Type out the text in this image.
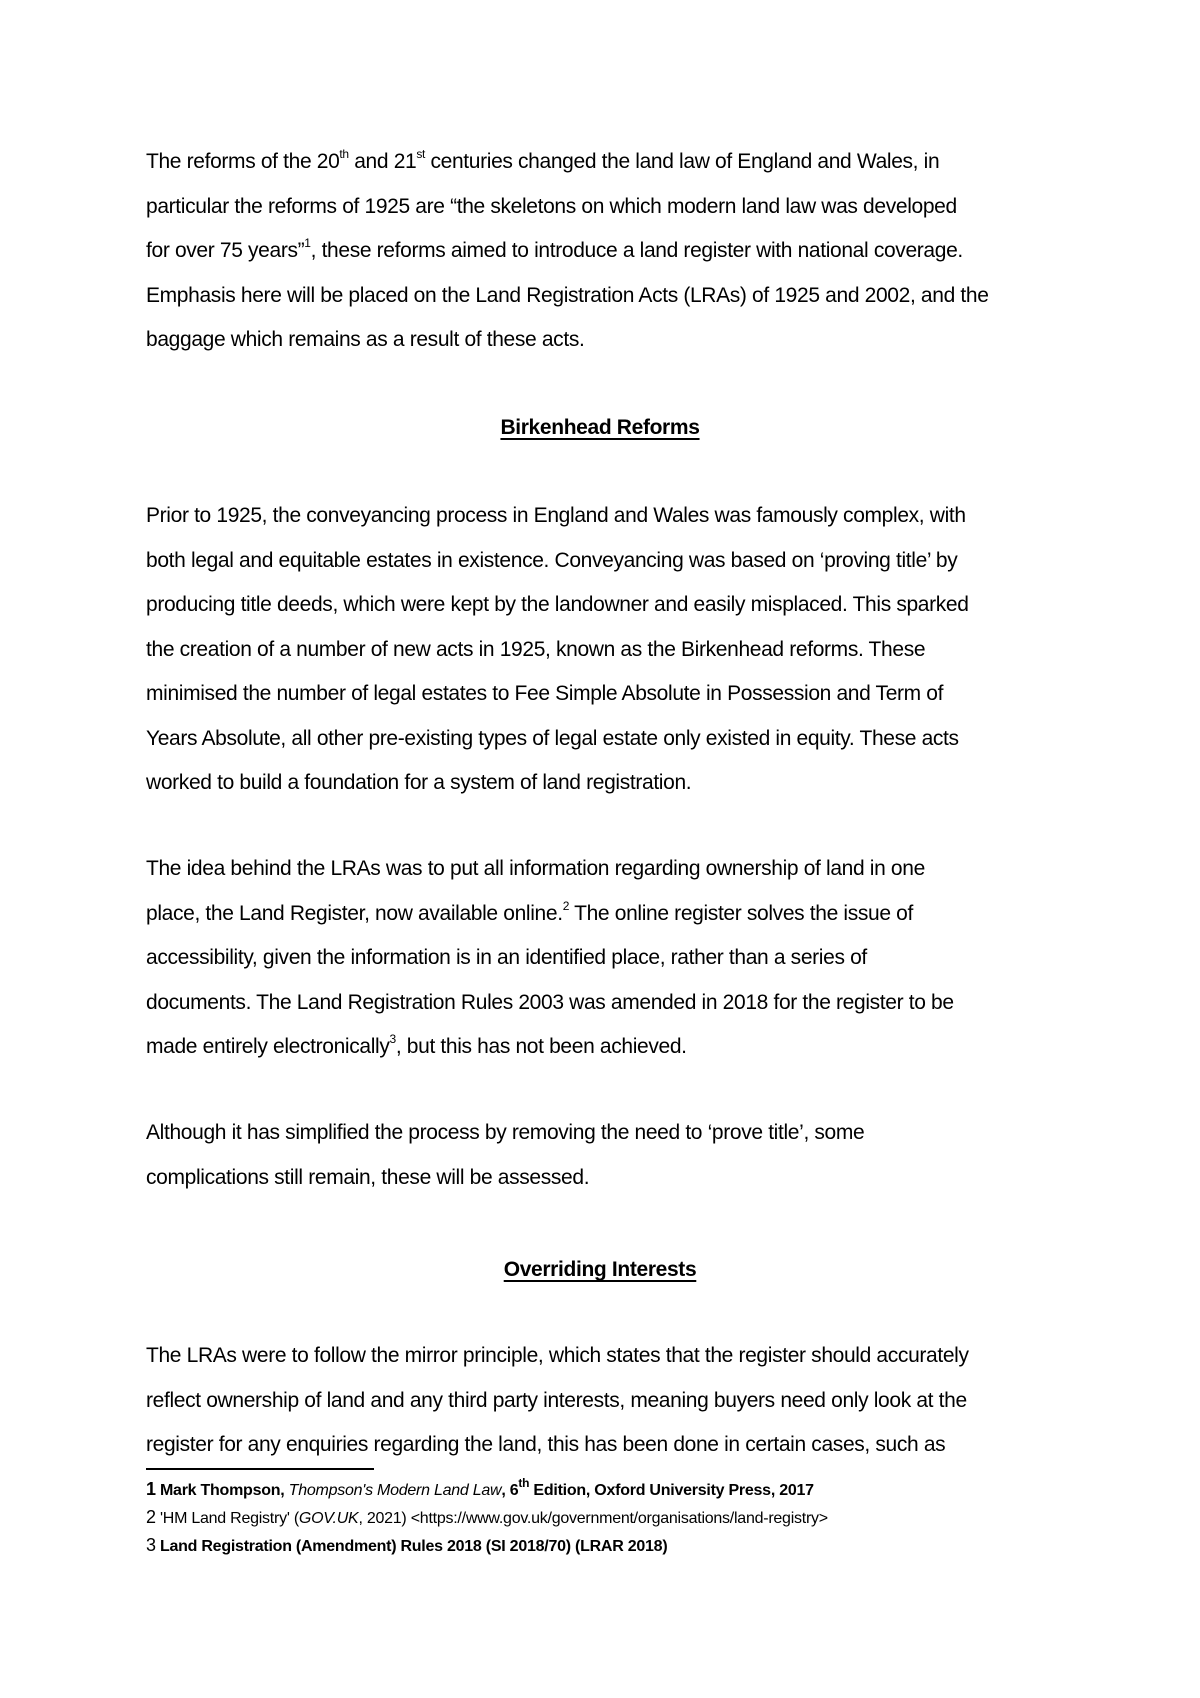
The reforms of the 20th and 21st centuries changed the land law of England and Wales, in
particular the reforms of 1925 are “the skeletons on which modern land law was developed
for over 75 years”$^1$, these reforms aimed to introduce a land register with national coverage.
Emphasis here will be placed on the Land Registration Acts (LRAs) of 1925 and 2002, and the
baggage which remains as a result of these acts.

Birkenhead Reforms

Prior to 1925, the conveyancing process in England and Wales was famously complex, with
both legal and equitable estates in existence. Conveyancing was based on ‘proving title’ by
producing title deeds, which were kept by the landowner and easily misplaced. This sparked
the creation of a number of new acts in 1925, known as the Birkenhead reforms. These
minimised the number of legal estates to Fee Simple Absolute in Possession and Term of
Years Absolute, all other pre-existing types of legal estate only existed in equity. These acts
worked to build a foundation for a system of land registration.

The idea behind the LRAs was to put all information regarding ownership of land in one
place, the Land Register, now available online.$^2$ The online register solves the issue of
accessibility, given the information is in an identified place, rather than a series of
documents. The Land Registration Rules 2003 was amended in 2018 for the register to be
made entirely electronically$^3$, but this has not been achieved.

Although it has simplified the process by removing the need to ‘prove title’, some
complications still remain, these will be assessed.

Overriding Interests

The LRAs were to follow the mirror principle, which states that the register should accurately
reflect ownership of land and any third party interests, meaning buyers need only look at the
register for any enquiries regarding the land, this has been done in certain cases, such as

1 Mark Thompson, Thompson's Modern Land Law, 6th Edition, Oxford University Press, 2017
2 'HM Land Registry' (GOV.UK, 2021) <https://www.gov.uk/government/organisations/land-registry>
3 Land Registration (Amendment) Rules 2018 (SI 2018/70) (LRAR 2018)
